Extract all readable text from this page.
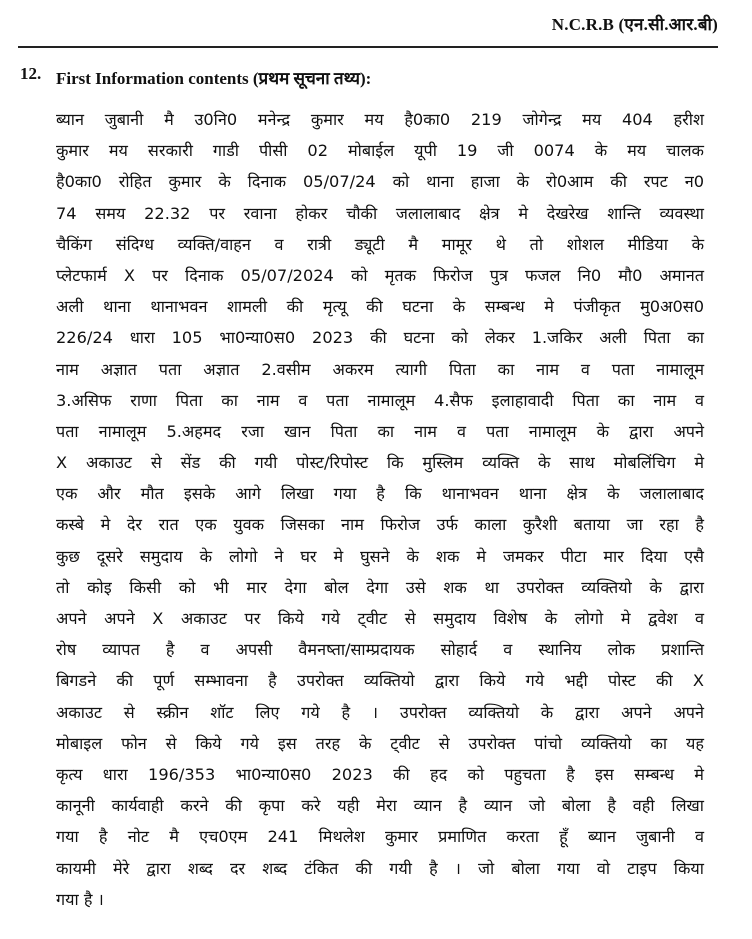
N.C.R.B (एन.सी.आर.बी)
12. First Information contents (प्रथम सूचना तथ्य):
ब्यान जुबानी मै उ0नि0 मनेन्द्र कुमार मय है0का0 219 जोगेन्द्र मय 404 हरीश
कुमार मय सरकारी गाडी पीसी 02 मोबाईल यूपी 19 जी 0074 के मय चालक
है0का0 रोहित कुमार के दिनाक 05/07/24 को थाना हाजा के रो0आम की रपट न0
74 समय 22.32 पर रवाना होकर चौकी जलालाबाद क्षेत्र मे देखरेख शान्ति व्यवस्था
चैकिंग संदिग्ध व्यक्ति/वाहन व रात्री ड्यूटी मै मामूर थे तो शोशल मीडिया के
प्लेटफार्म X पर दिनाक 05/07/2024 को मृतक फिरोज पुत्र फजल नि0 मौ0 अमानत
अली थाना थानाभवन शामली की मृत्यू की घटना के सम्बन्ध मे पंजीकृत मु0अ0स0
226/24 धारा 105 भा0न्या0स0 2023 की घटना को लेकर 1.जकिर अली पिता का
नाम अज्ञात पता अज्ञात 2.वसीम अकरम त्यागी पिता का नाम व पता नामालूम
3.असिफ राणा पिता का नाम व पता नामालूम 4.सैफ इलाहावादी पिता का नाम व
पता नामालूम 5.अहमद रजा खान पिता का नाम व पता नामालूम के द्वारा अपने
X अकाउट से सेंड की गयी पोस्ट/रिपोस्ट कि मुस्लिम व्यक्ति के साथ मोबलिंचिग मे
एक और मौत इसके आगे लिखा गया है कि थानाभवन थाना क्षेत्र के जलालाबाद
कस्बे मे देर रात एक युवक जिसका नाम फिरोज उर्फ काला कुरैशी बताया जा रहा है
कुछ दूसरे समुदाय के लोगो ने घर मे घुसने के शक मे जमकर पीटा मार दिया एसै
तो कोइ किसी को भी मार देगा बोल देगा उसे शक था उपरोक्त व्यक्तियो के द्वारा
अपने अपने X अकाउट पर किये गये ट्वीट से समुदाय विशेष के लोगो मे द्ववेश व
रोष व्यापत है व अपसी वैमनष्ता/साम्प्रदायक सोहार्द व स्थानिय लोक प्रशान्ति
बिगडने की पूर्ण सम्भावना है उपरोक्त व्यक्तियो द्वारा किये गये भद्दी पोस्ट की X
अकाउट से स्क्रीन शॉट लिए गये है । उपरोक्त व्यक्तियो के द्वारा अपने अपने
मोबाइल फोन से किये गये इस तरह के ट्वीट से उपरोक्त पांचो व्यक्तियो का यह
कृत्य धारा 196/353 भा0न्या0स0 2023 की हद को पहुचता है इस सम्बन्ध मे
कानूनी कार्यवाही करने की कृपा करे यही मेरा व्यान है व्यान जो बोला है वही लिखा
गया है नोट मै एच0एम 241 मिथलेश कुमार प्रमाणित करता हूँ ब्यान जुबानी व
कायमी मेरे द्वारा शब्द दर शब्द टंकित की गयी है । जो बोला गया वो टाइप किया
गया है ।
